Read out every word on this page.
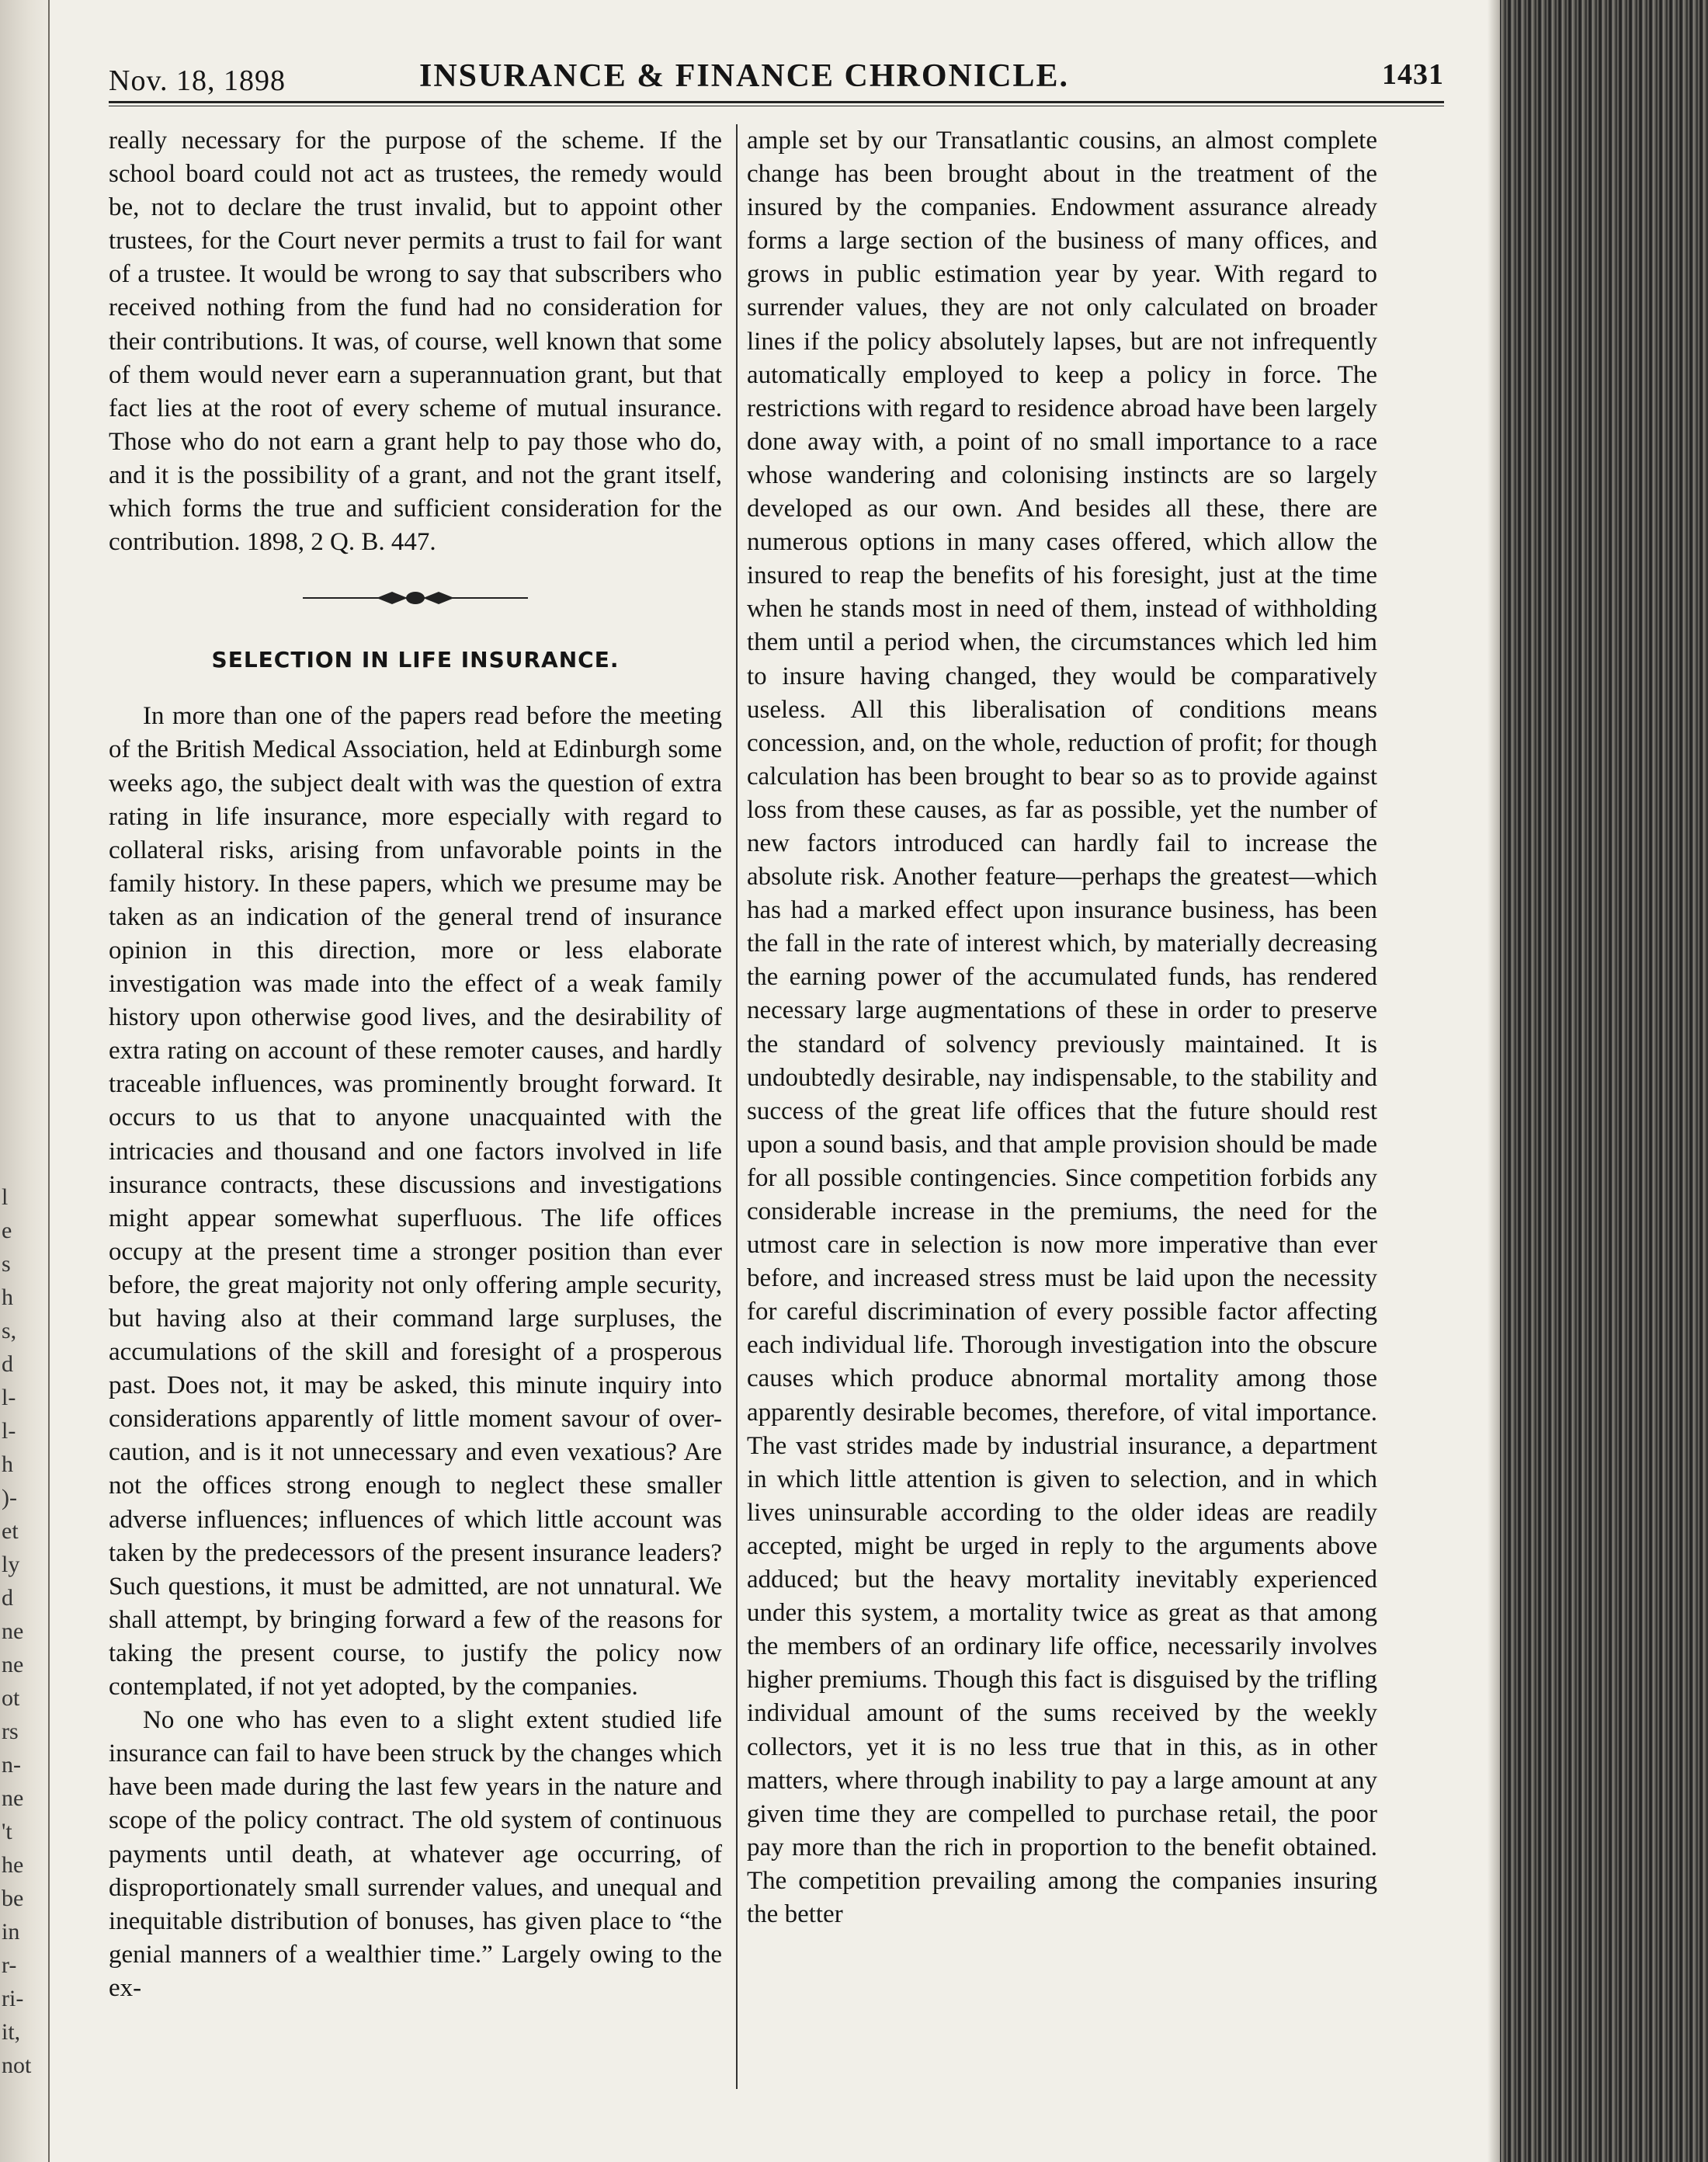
l
e
s
h
s,
d
l-
l-
h
)-
et
ly
d
ne
ne
ot
rs
n-
ne
't
he
be
in
r-
ri-
it,
not
Nov. 18, 1898	INSURANCE & FINANCE CHRONICLE.	1431

really necessary for the purpose of the scheme. If the school board could not act as trustees, the remedy would be, not to declare the trust invalid, but to appoint other trustees, for the Court never permits a trust to fail for want of a trustee. It would be wrong to say that subscribers who received nothing from the fund had no consideration for their contributions. It was, of course, well known that some of them would never earn a superannuation grant, but that fact lies at the root of every scheme of mutual insurance. Those who do not earn a grant help to pay those who do, and it is the possibility of a grant, and not the grant itself, which forms the true and sufficient consideration for the contribution. 1898, 2 Q. B. 447.

SELECTION IN LIFE INSURANCE.

In more than one of the papers read before the meeting of the British Medical Association, held at Edinburgh some weeks ago, the subject dealt with was the question of extra rating in life insurance, more especially with regard to collateral risks, arising from unfavorable points in the family history. In these papers, which we presume may be taken as an indication of the general trend of insurance opinion in this direction, more or less elaborate investigation was made into the effect of a weak family history upon otherwise good lives, and the desirability of extra rating on account of these remoter causes, and hardly traceable influences, was prominently brought forward. It occurs to us that to anyone unacquainted with the intricacies and thousand and one factors involved in life insurance contracts, these discussions and investigations might appear somewhat superfluous. The life offices occupy at the present time a stronger position than ever before, the great majority not only offering ample security, but having also at their command large surpluses, the accumulations of the skill and foresight of a prosperous past. Does not, it may be asked, this minute inquiry into considerations apparently of little moment savour of over-caution, and is it not unnecessary and even vexatious? Are not the offices strong enough to neglect these smaller adverse influences; influences of which little account was taken by the predecessors of the present insurance leaders? Such questions, it must be admitted, are not unnatural. We shall attempt, by bringing forward a few of the reasons for taking the present course, to justify the policy now contemplated, if not yet adopted, by the companies.

No one who has even to a slight extent studied life insurance can fail to have been struck by the changes which have been made during the last few years in the nature and scope of the policy contract. The old system of continuous payments until death, at whatever age occurring, of disproportionately small surrender values, and unequal and inequitable distribution of bonuses, has given place to “the genial manners of a wealthier time.” Largely owing to the ex-

ample set by our Transatlantic cousins, an almost complete change has been brought about in the treatment of the insured by the companies. Endowment assurance already forms a large section of the business of many offices, and grows in public estimation year by year. With regard to surrender values, they are not only calculated on broader lines if the policy absolutely lapses, but are not infrequently automatically employed to keep a policy in force. The restrictions with regard to residence abroad have been largely done away with, a point of no small importance to a race whose wandering and colonising instincts are so largely developed as our own. And besides all these, there are numerous options in many cases offered, which allow the insured to reap the benefits of his foresight, just at the time when he stands most in need of them, instead of withholding them until a period when, the circumstances which led him to insure having changed, they would be comparatively useless. All this liberalisation of conditions means concession, and, on the whole, reduction of profit; for though calculation has been brought to bear so as to provide against loss from these causes, as far as possible, yet the number of new factors introduced can hardly fail to increase the absolute risk. Another feature—perhaps the greatest—which has had a marked effect upon insurance business, has been the fall in the rate of interest which, by materially decreasing the earning power of the accumulated funds, has rendered necessary large augmentations of these in order to preserve the standard of solvency previously maintained. It is undoubtedly desirable, nay indispensable, to the stability and success of the great life offices that the future should rest upon a sound basis, and that ample provision should be made for all possible contingencies. Since competition forbids any considerable increase in the premiums, the need for the utmost care in selection is now more imperative than ever before, and increased stress must be laid upon the necessity for careful discrimination of every possible factor affecting each individual life. Thorough investigation into the obscure causes which produce abnormal mortality among those apparently desirable becomes, therefore, of vital importance. The vast strides made by industrial insurance, a department in which little attention is given to selection, and in which lives uninsurable according to the older ideas are readily accepted, might be urged in reply to the arguments above adduced; but the heavy mortality inevitably experienced under this system, a mortality twice as great as that among the members of an ordinary life office, necessarily involves higher premiums. Though this fact is disguised by the trifling individual amount of the sums received by the weekly collectors, yet it is no less true that in this, as in other matters, where through inability to pay a large amount at any given time they are compelled to purchase retail, the poor pay more than the rich in proportion to the benefit obtained. The competition prevailing among the companies insuring the better
